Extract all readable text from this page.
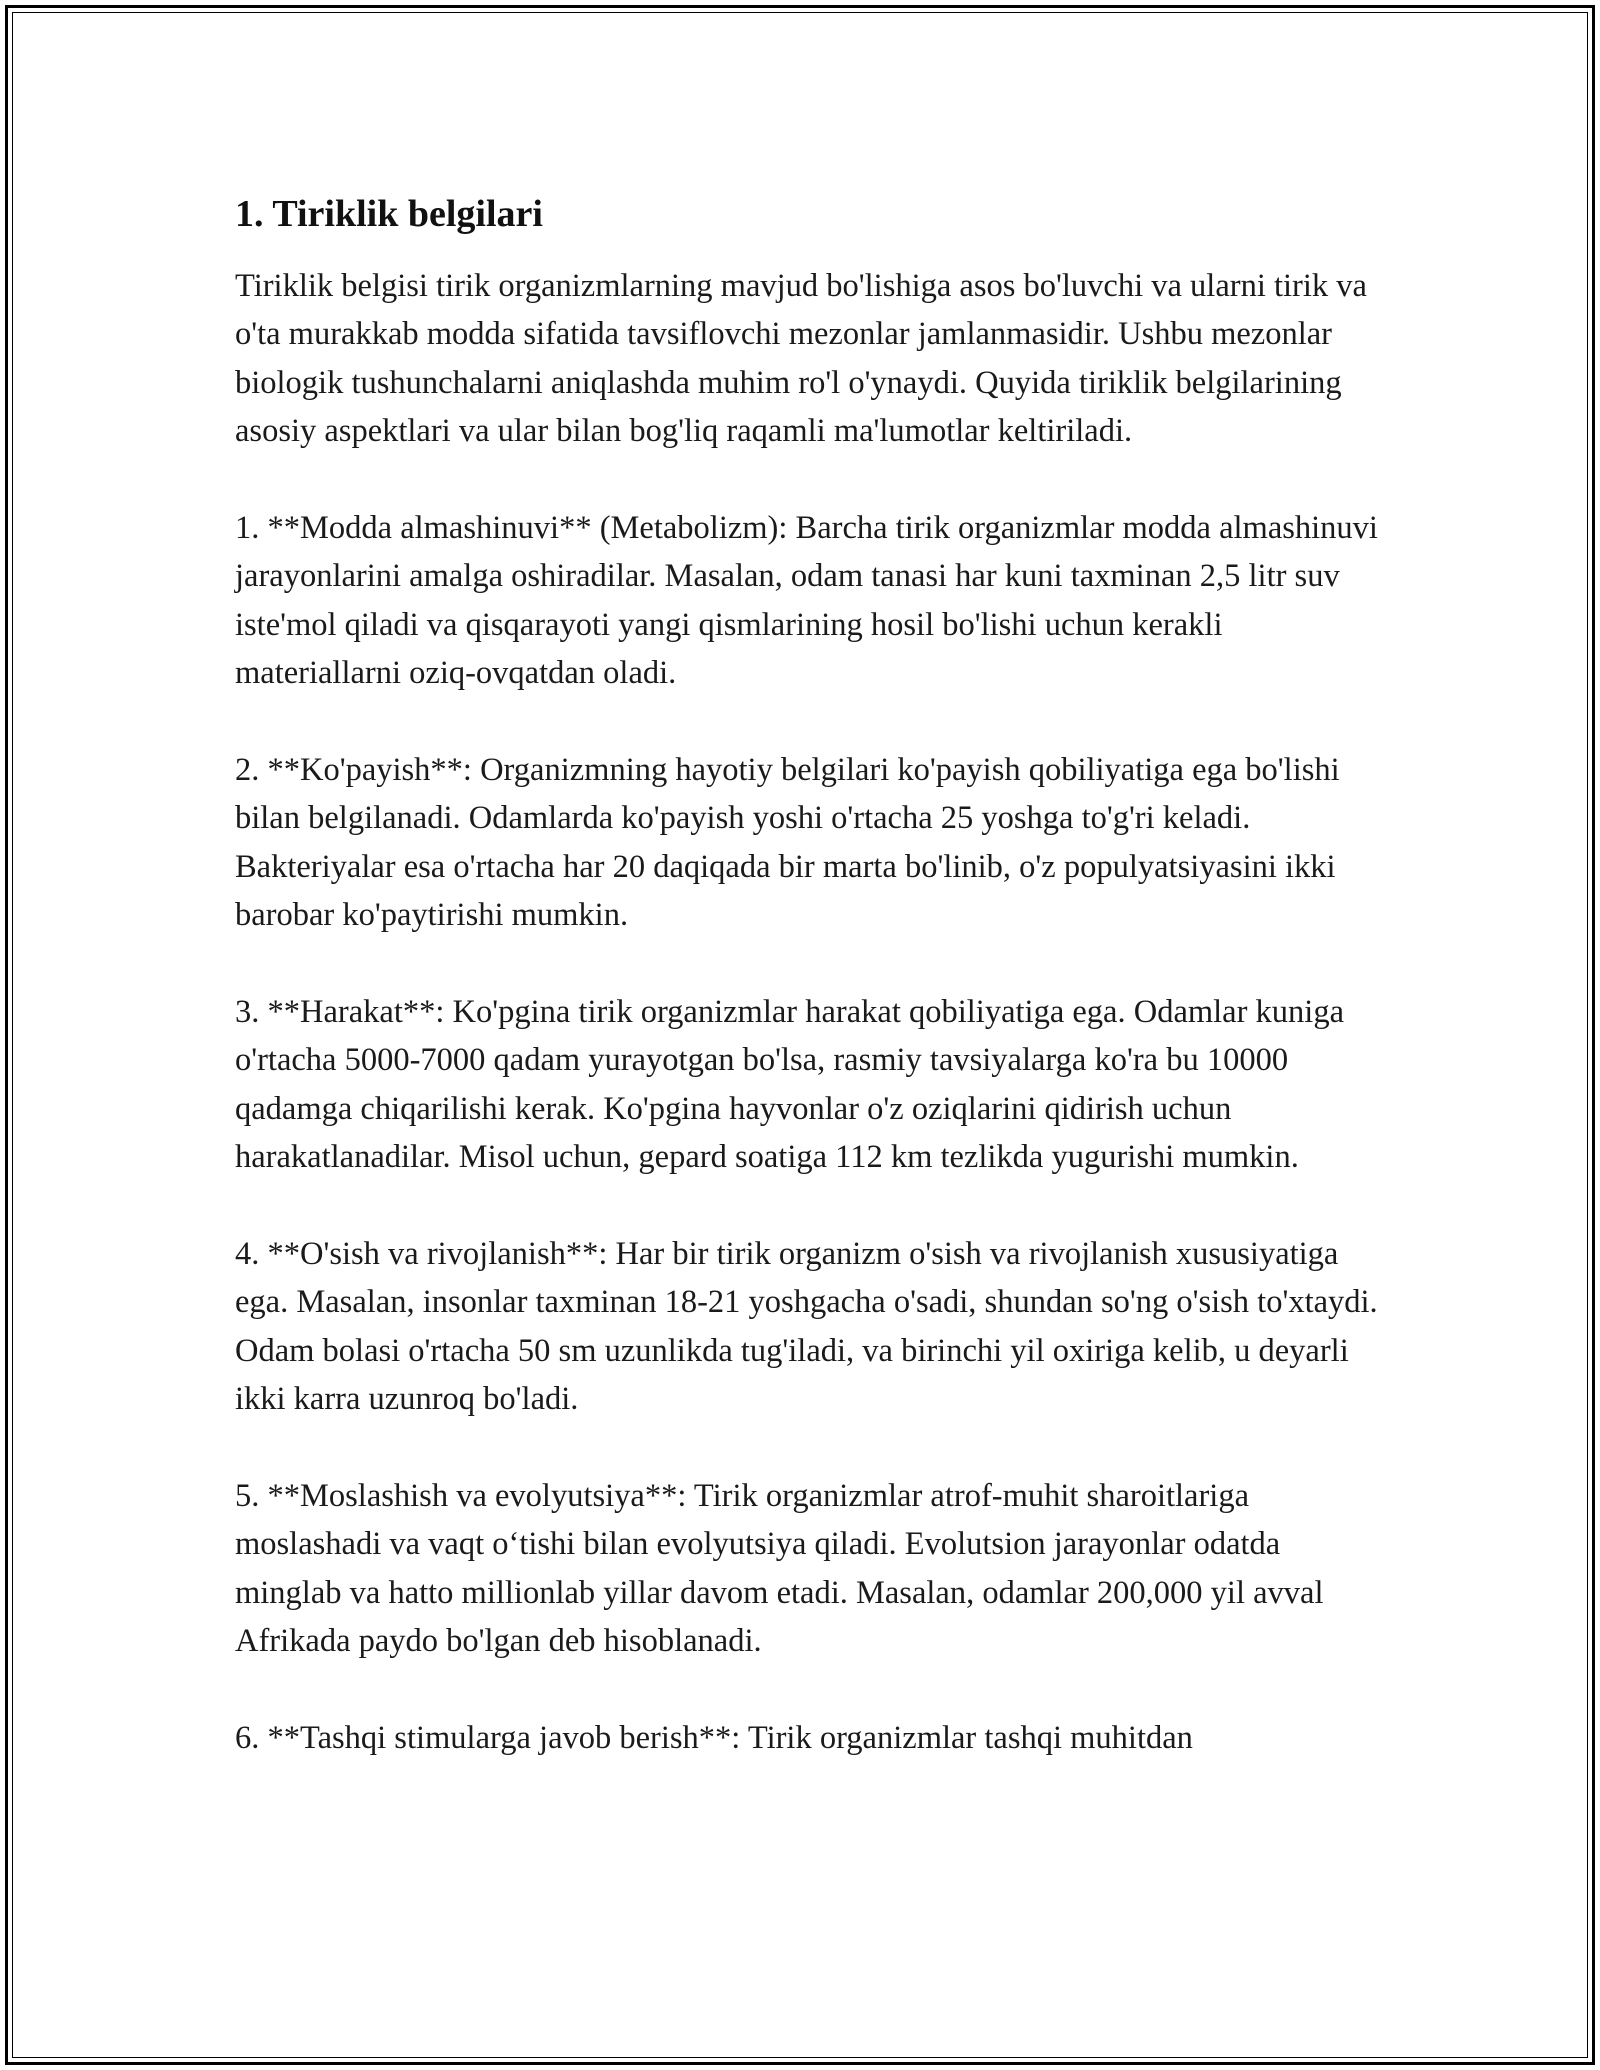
1. Tiriklik belgilari

Tiriklik belgisi tirik organizmlarning mavjud bo'lishiga asos bo'luvchi va ularni tirik va o'ta murakkab modda sifatida tavsiflovchi mezonlar jamlanmasidir. Ushbu mezonlar biologik tushunchalarni aniqlashda muhim ro'l o'ynaydi. Quyida tiriklik belgilarining asosiy aspektlari va ular bilan bog'liq raqamli ma'lumotlar keltiriladi.

1. **Modda almashinuvi** (Metabolizm): Barcha tirik organizmlar modda almashinuvi jarayonlarini amalga oshiradilar. Masalan, odam tanasi har kuni taxminan 2,5 litr suv iste'mol qiladi va qisqarayoti yangi qismlarining hosil bo'lishi uchun kerakli materiallarni oziq-ovqatdan oladi.

2. **Ko'payish**: Organizmning hayotiy belgilari ko'payish qobiliyatiga ega bo'lishi bilan belgilanadi. Odamlarda ko'payish yoshi o'rtacha 25 yoshga to'g'ri keladi. Bakteriyalar esa o'rtacha har 20 daqiqada bir marta bo'linib, o'z populyatsiyasini ikki barobar ko'paytirishi mumkin.

3. **Harakat**: Ko'pgina tirik organizmlar harakat qobiliyatiga ega. Odamlar kuniga o'rtacha 5000-7000 qadam yurayotgan bo'lsa, rasmiy tavsiyalarga ko'ra bu 10000 qadamga chiqarilishi kerak. Ko'pgina hayvonlar o'z oziqlarini qidirish uchun harakatlanadilar. Misol uchun, gepard soatiga 112 km tezlikda yugurishi mumkin.

4. **O'sish va rivojlanish**: Har bir tirik organizm o'sish va rivojlanish xususiyatiga ega. Masalan, insonlar taxminan 18-21 yoshgacha o'sadi, shundan so'ng o'sish to'xtaydi. Odam bolasi o'rtacha 50 sm uzunlikda tug'iladi, va birinchi yil oxiriga kelib, u deyarli ikki karra uzunroq bo'ladi.

5. **Moslashish va evolyutsiya**: Tirik organizmlar atrof-muhit sharoitlariga moslashadi va vaqt o‘tishi bilan evolyutsiya qiladi. Evolutsion jarayonlar odatda minglab va hatto millionlab yillar davom etadi. Masalan, odamlar 200,000 yil avval Afrikada paydo bo'lgan deb hisoblanadi.

6. **Tashqi stimularga javob berish**: Tirik organizmlar tashqi muhitdan
